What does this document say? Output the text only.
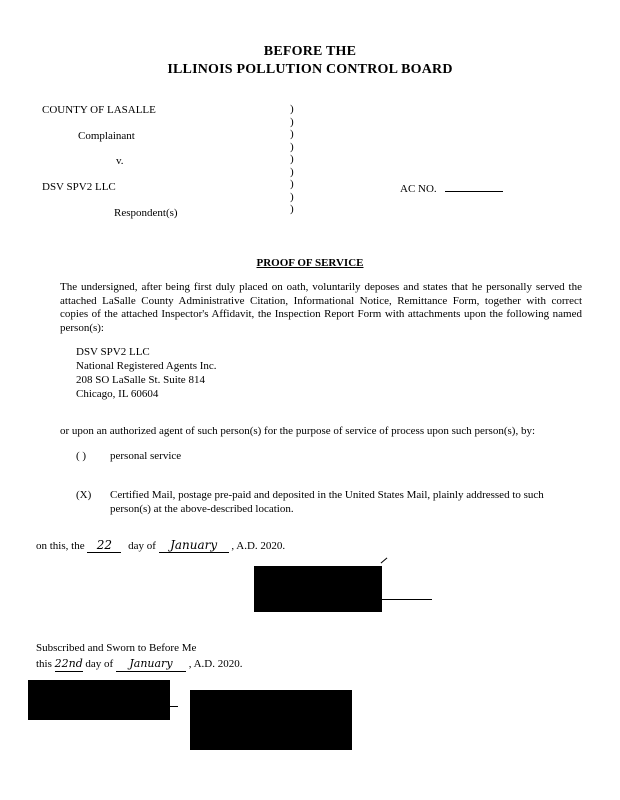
BEFORE THE
ILLINOIS POLLUTION CONTROL BOARD
COUNTY OF LASALLE
Complainant
v.
DSV SPV2 LLC
Respondent(s)
)
)
)
)
)
)
)
)
)
AC NO.
PROOF OF SERVICE
The undersigned, after being first duly placed on oath, voluntarily deposes and states that he personally served the attached LaSalle County Administrative Citation, Informational Notice, Remittance Form, together with correct copies of the attached Inspector's Affidavit, the Inspection Report Form with attachments upon the following named person(s):
DSV SPV2 LLC
National Registered Agents Inc.
208 SO LaSalle St. Suite 814
Chicago, IL 60604
or upon an authorized agent of such person(s) for the purpose of service of process upon such person(s), by:
( ) personal service
(X) Certified Mail, postage pre-paid and deposited in the United States Mail, plainly addressed to such
person(s) at the above-described location.
on this, the 22 day of January , A.D. 2020.
Subscribed and Sworn to Before Me
this 22nd day of January , A.D. 2020.
